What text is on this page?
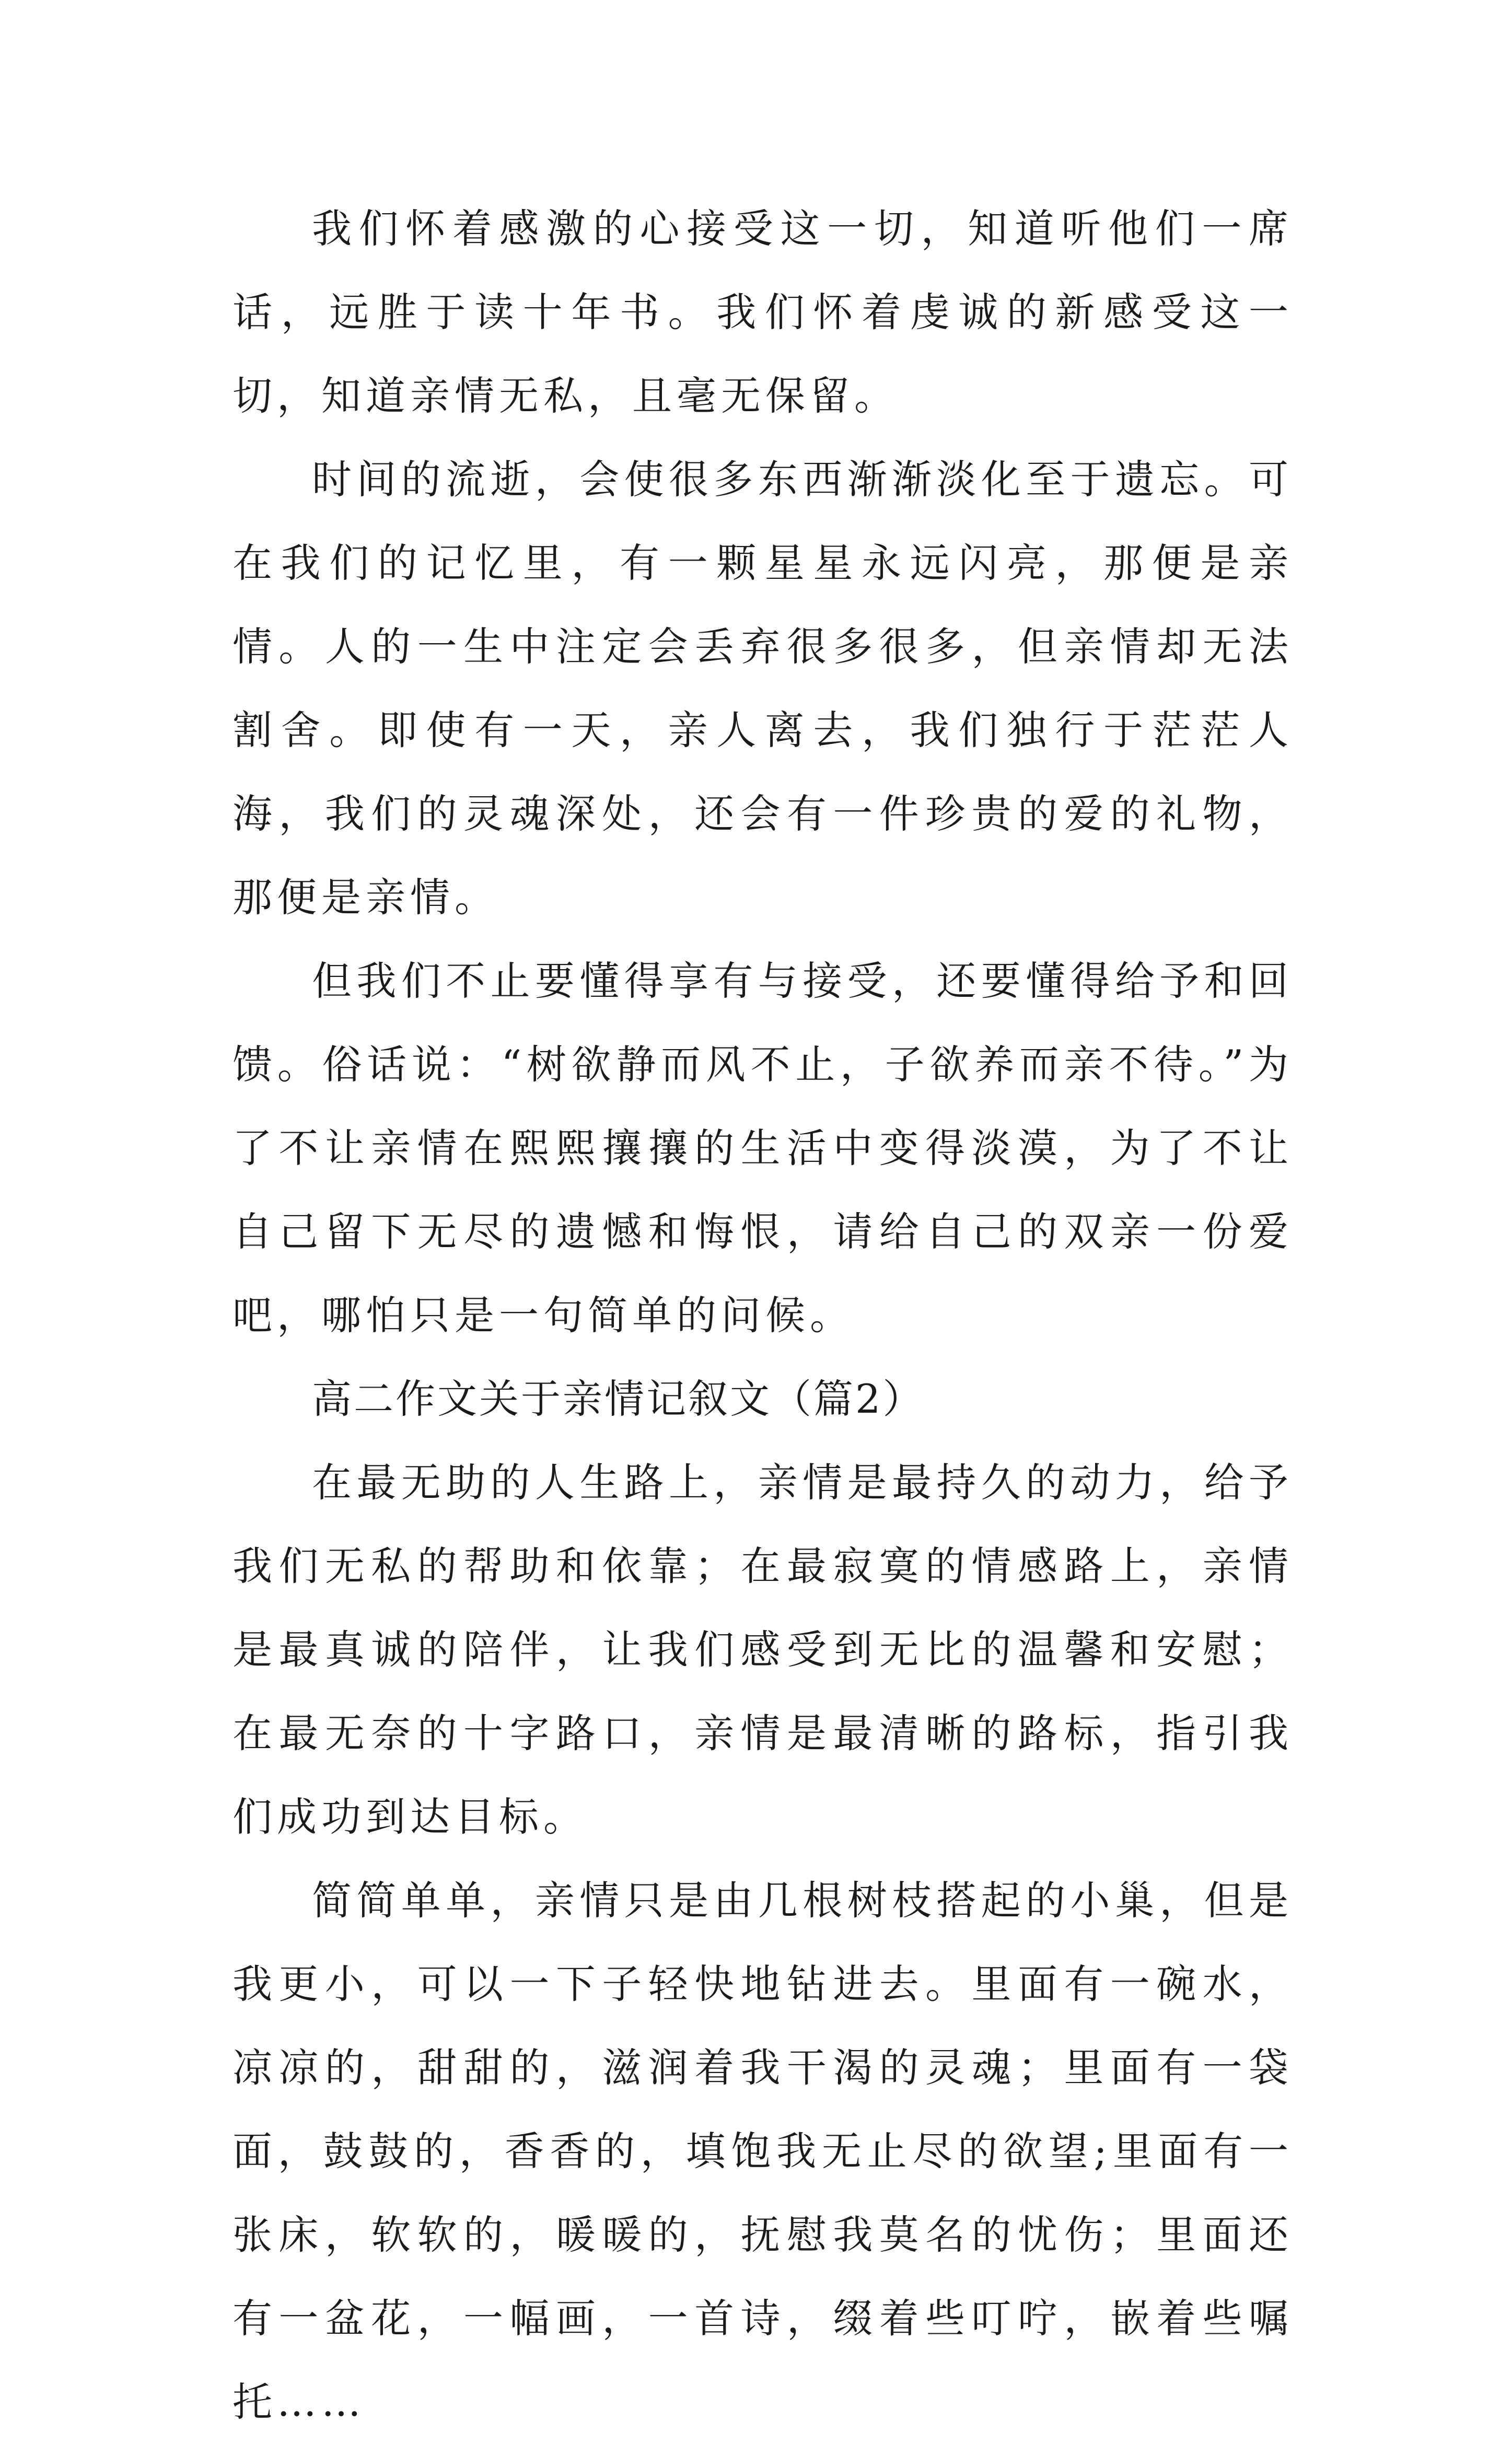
我们怀着感激的心接受这一切，知道听他们一席话，远胜于读十年书。我们怀着虔诚的新感受这一切，知道亲情无私，且毫无保留。

时间的流逝，会使很多东西渐渐淡化至于遗忘。可在我们的记忆里，有一颗星星永远闪亮，那便是亲情。人的一生中注定会丢弃很多很多，但亲情却无法割舍。即使有一天，亲人离去，我们独行于茫茫人海，我们的灵魂深处，还会有一件珍贵的爱的礼物，那便是亲情。

但我们不止要懂得享有与接受，还要懂得给予和回馈。俗话说：“树欲静而风不止，子欲养而亲不待。”为了不让亲情在熙熙攘攘的生活中变得淡漠，为了不让自己留下无尽的遗憾和悔恨，请给自己的双亲一份爱吧，哪怕只是一句简单的问候。

高二作文关于亲情记叙文（篇2）

在最无助的人生路上，亲情是最持久的动力，给予我们无私的帮助和依靠；在最寂寞的情感路上，亲情是最真诚的陪伴，让我们感受到无比的温馨和安慰；在最无奈的十字路口，亲情是最清晰的路标，指引我们成功到达目标。

简简单单，亲情只是由几根树枝搭起的小巢，但是我更小，可以一下子轻快地钻进去。里面有一碗水，凉凉的，甜甜的，滋润着我干渴的灵魂；里面有一袋面，鼓鼓的，香香的，填饱我无止尽的欲望;里面有一张床，软软的，暖暖的，抚慰我莫名的忧伤；里面还有一盆花，一幅画，一首诗，缀着些叮咛，嵌着些嘱托……
